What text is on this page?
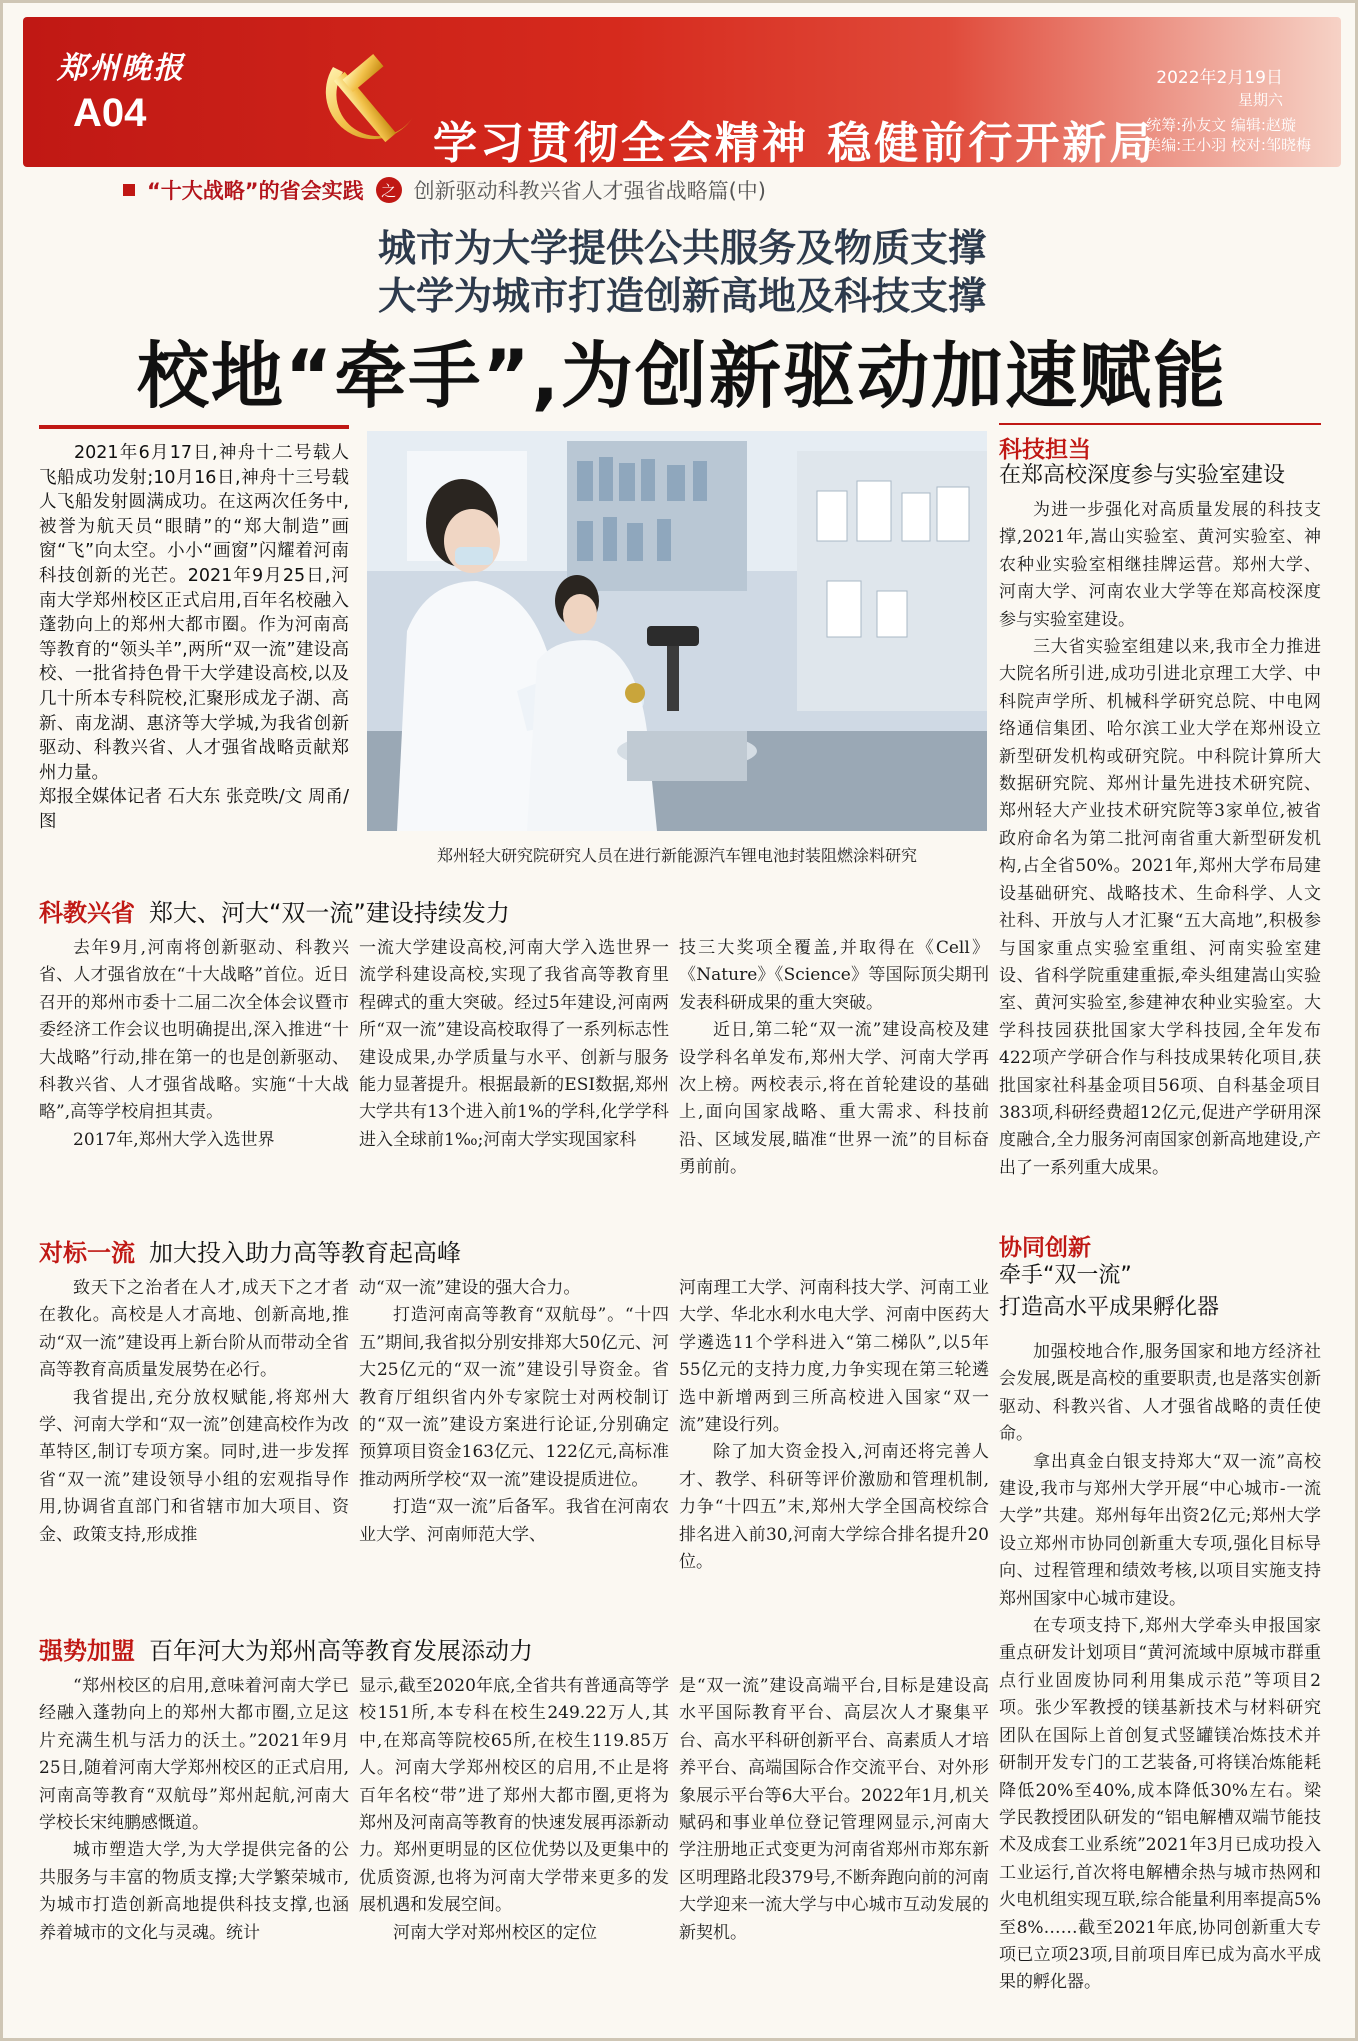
郑州晚报
A04
学习贯彻全会精神 稳健前行开新局
2022年2月19日
星期六
统筹:孙友文 编辑:赵璇
美编:王小羽 校对:邹晓梅
“十大战略”的省会实践	之 创新驱动科教兴省人才强省战略篇(中)
城市为大学提供公共服务及物质支撑
大学为城市打造创新高地及科技支撑
校地“牵手”,为创新驱动加速赋能

2021年6月17日,神舟十二号载人飞船成功发射;10月16日,神舟十三号载人飞船发射圆满成功。在这两次任务中,被誉为航天员“眼睛”的“郑大制造”画窗“飞”向太空。小小“画窗”闪耀着河南科技创新的光芒。2021年9月25日,河南大学郑州校区正式启用,百年名校融入蓬勃向上的郑州大都市圈。作为河南高等教育的“领头羊”,两所“双一流”建设高校、一批省持色骨干大学建设高校,以及几十所本专科院校,汇聚形成龙子湖、高新、南龙湖、惠济等大学城,为我省创新驱动、科教兴省、人才强省战略贡献郑州力量。

郑报全媒体记者 石大东 张竞昳/文 周甬/图

郑州轻大研究院研究人员在进行新能源汽车锂电池封装阻燃涂料研究
科教兴省 郑大、河大“双一流”建设持续发力

去年9月,河南将创新驱动、科教兴省、人才强省放在“十大战略”首位。近日召开的郑州市委十二届二次全体会议暨市委经济工作会议也明确提出,深入推进“十大战略”行动,排在第一的也是创新驱动、科教兴省、人才强省战略。实施“十大战略”,高等学校肩担其责。

2017年,郑州大学入选世界

一流大学建设高校,河南大学入选世界一流学科建设高校,实现了我省高等教育里程碑式的重大突破。经过5年建设,河南两所“双一流”建设高校取得了一系列标志性建设成果,办学质量与水平、创新与服务能力显著提升。根据最新的ESI数据,郑州大学共有13个进入前1%的学科,化学学科进入全球前1‰;河南大学实现国家科

技三大奖项全覆盖,并取得在《Cell》《Nature》《Science》等国际顶尖期刊发表科研成果的重大突破。

近日,第二轮“双一流”建设高校及建设学科名单发布,郑州大学、河南大学再次上榜。两校表示,将在首轮建设的基础上,面向国家战略、重大需求、科技前沿、区域发展,瞄准“世界一流”的目标奋勇前前。

对标一流 加大投入助力高等教育起高峰

致天下之治者在人才,成天下之才者在教化。高校是人才高地、创新高地,推动“双一流”建设再上新台阶从而带动全省高等教育高质量发展势在必行。

我省提出,充分放权赋能,将郑州大学、河南大学和“双一流”创建高校作为改革特区,制订专项方案。同时,进一步发挥省“双一流”建设领导小组的宏观指导作用,协调省直部门和省辖市加大项目、资金、政策支持,形成推

动“双一流”建设的强大合力。

打造河南高等教育“双航母”。“十四五”期间,我省拟分别安排郑大50亿元、河大25亿元的“双一流”建设引导资金。省教育厅组织省内外专家院士对两校制订的“双一流”建设方案进行论证,分别确定预算项目资金163亿元、122亿元,高标准推动两所学校“双一流”建设提质进位。

打造“双一流”后备军。我省在河南农业大学、河南师范大学、

河南理工大学、河南科技大学、河南工业大学、华北水利水电大学、河南中医药大学遴选11个学科进入“第二梯队”,以5年55亿元的支持力度,力争实现在第三轮遴选中新增两到三所高校进入国家“双一流”建设行列。

除了加大资金投入,河南还将完善人才、教学、科研等评价激励和管理机制,力争“十四五”末,郑州大学全国高校综合排名进入前30,河南大学综合排名提升20位。

强势加盟 百年河大为郑州高等教育发展添动力

“郑州校区的启用,意味着河南大学已经融入蓬勃向上的郑州大都市圈,立足这片充满生机与活力的沃土。”2021年9月25日,随着河南大学郑州校区的正式启用,河南高等教育“双航母”郑州起航,河南大学校长宋纯鹏感慨道。

城市塑造大学,为大学提供完备的公共服务与丰富的物质支撑;大学繁荣城市,为城市打造创新高地提供科技支撑,也涵养着城市的文化与灵魂。统计

显示,截至2020年底,全省共有普通高等学校151所,本专科在校生249.22万人,其中,在郑高等院校65所,在校生119.85万人。河南大学郑州校区的启用,不止是将百年名校“带”进了郑州大都市圈,更将为郑州及河南高等教育的快速发展再添新动力。郑州更明显的区位优势以及更集中的优质资源,也将为河南大学带来更多的发展机遇和发展空间。

河南大学对郑州校区的定位

是“双一流”建设高端平台,目标是建设高水平国际教育平台、高层次人才聚集平台、高水平科研创新平台、高素质人才培养平台、高端国际合作交流平台、对外形象展示平台等6大平台。2022年1月,机关赋码和事业单位登记管理网显示,河南大学注册地正式变更为河南省郑州市郑东新区明理路北段379号,不断奔跑向前的河南大学迎来一流大学与中心城市互动发展的新契机。

科技担当
在郑高校深度参与实验室建设

为进一步强化对高质量发展的科技支撑,2021年,嵩山实验室、黄河实验室、神农种业实验室相继挂牌运营。郑州大学、河南大学、河南农业大学等在郑高校深度参与实验室建设。

三大省实验室组建以来,我市全力推进大院名所引进,成功引进北京理工大学、中科院声学所、机械科学研究总院、中电网络通信集团、哈尔滨工业大学在郑州设立新型研发机构或研究院。中科院计算所大数据研究院、郑州计量先进技术研究院、郑州轻大产业技术研究院等3家单位,被省政府命名为第二批河南省重大新型研发机构,占全省50%。2021年,郑州大学布局建设基础研究、战略技术、生命科学、人文社科、开放与人才汇聚“五大高地”,积极参与国家重点实验室重组、河南实验室建设、省科学院重建重振,牵头组建嵩山实验室、黄河实验室,参建神农种业实验室。大学科技园获批国家大学科技园,全年发布422项产学研合作与科技成果转化项目,获批国家社科基金项目56项、自科基金项目383项,科研经费超12亿元,促进产学研用深度融合,全力服务河南国家创新高地建设,产出了一系列重大成果。

协同创新
牵手“双一流”
打造高水平成果孵化器

加强校地合作,服务国家和地方经济社会发展,既是高校的重要职责,也是落实创新驱动、科教兴省、人才强省战略的责任使命。

拿出真金白银支持郑大“双一流”高校建设,我市与郑州大学开展“中心城市-一流大学”共建。郑州每年出资2亿元;郑州大学设立郑州市协同创新重大专项,强化目标导向、过程管理和绩效考核,以项目实施支持郑州国家中心城市建设。

在专项支持下,郑州大学牵头申报国家重点研发计划项目“黄河流域中原城市群重点行业固废协同利用集成示范”等项目2项。张少军教授的镁基新技术与材料研究团队在国际上首创复式竖罐镁冶炼技术并研制开发专门的工艺装备,可将镁冶炼能耗降低20%至40%,成本降低30%左右。梁学民教授团队研发的“铝电解槽双端节能技术及成套工业系统”2021年3月已成功投入工业运行,首次将电解槽余热与城市热网和火电机组实现互联,综合能量利用率提高5%至8%……截至2021年底,协同创新重大专项已立项23项,目前项目库已成为高水平成果的孵化器。
